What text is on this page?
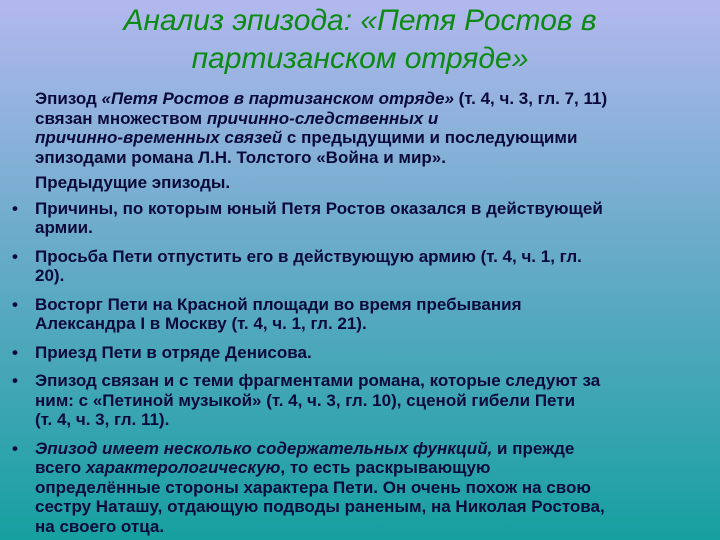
Анализ эпизода: «Петя Ростов в
партизанском отряде»
Эпизод «Петя Ростов в партизанском отряде» (т. 4, ч. 3, гл. 7, 11)
связан множеством причинно-следственных и
причинно-временных связей с предыдущими и последующими
эпизодами романа Л.Н. Толстого «Война и мир».
Предыдущие эпизоды.
• Причины, по которым юный Петя Ростов оказался в действующей
армии.
• Просьба Пети отпустить его в действующую армию (т. 4, ч. 1, гл.
20).
• Восторг Пети на Красной площади во время пребывания
Александра I в Москву (т. 4, ч. 1, гл. 21).
• Приезд Пети в отряде Денисова.
• Эпизод связан и с теми фрагментами романа, которые следуют за
ним: с «Петиной музыкой» (т. 4, ч. 3, гл. 10), сценой гибели Пети
(т. 4, ч. 3, гл. 11).
• Эпизод имеет несколько содержательных функций, и прежде
всего характерологическую, то есть раскрывающую
определённые стороны характера Пети. Он очень похож на свою
сестру Наташу, отдающую подводы раненым, на Николая Ростова,
на своего отца.
